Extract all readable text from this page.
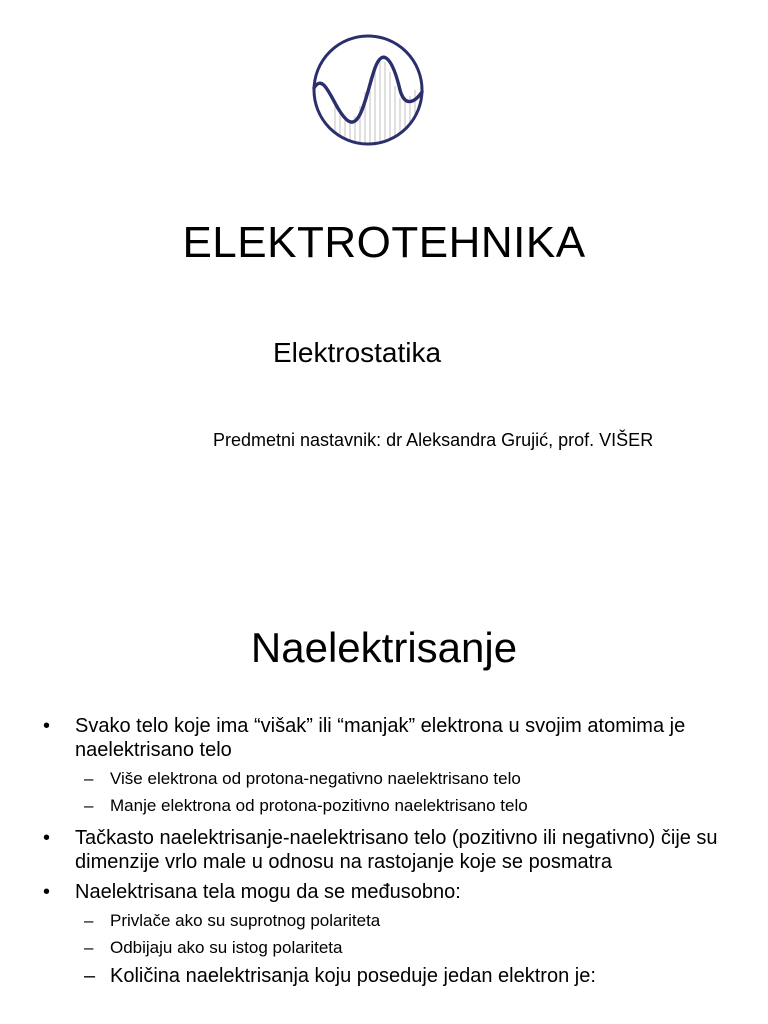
ELEKTROTEHNIKA
Elektrostatika
Predmetni nastavnik: dr Aleksandra Grujić, prof. VIŠER
Naelektrisanje
• Svako telo koje ima “višak” ili “manjak” elektrona u svojim atomima je naelektrisano telo
– Više elektrona od protona-negativno naelektrisano telo
– Manje elektrona od protona-pozitivno naelektrisano telo
• Tačkasto naelektrisanje-naelektrisano telo (pozitivno ili negativno) čije su dimenzije vrlo male u odnosu na rastojanje koje se posmatra
• Naelektrisana tela mogu da se međusobno:
– Privlače ako su suprotnog polariteta
– Odbijaju ako su istog polariteta
– Količina naelektrisanja koju poseduje jedan elektron je:
